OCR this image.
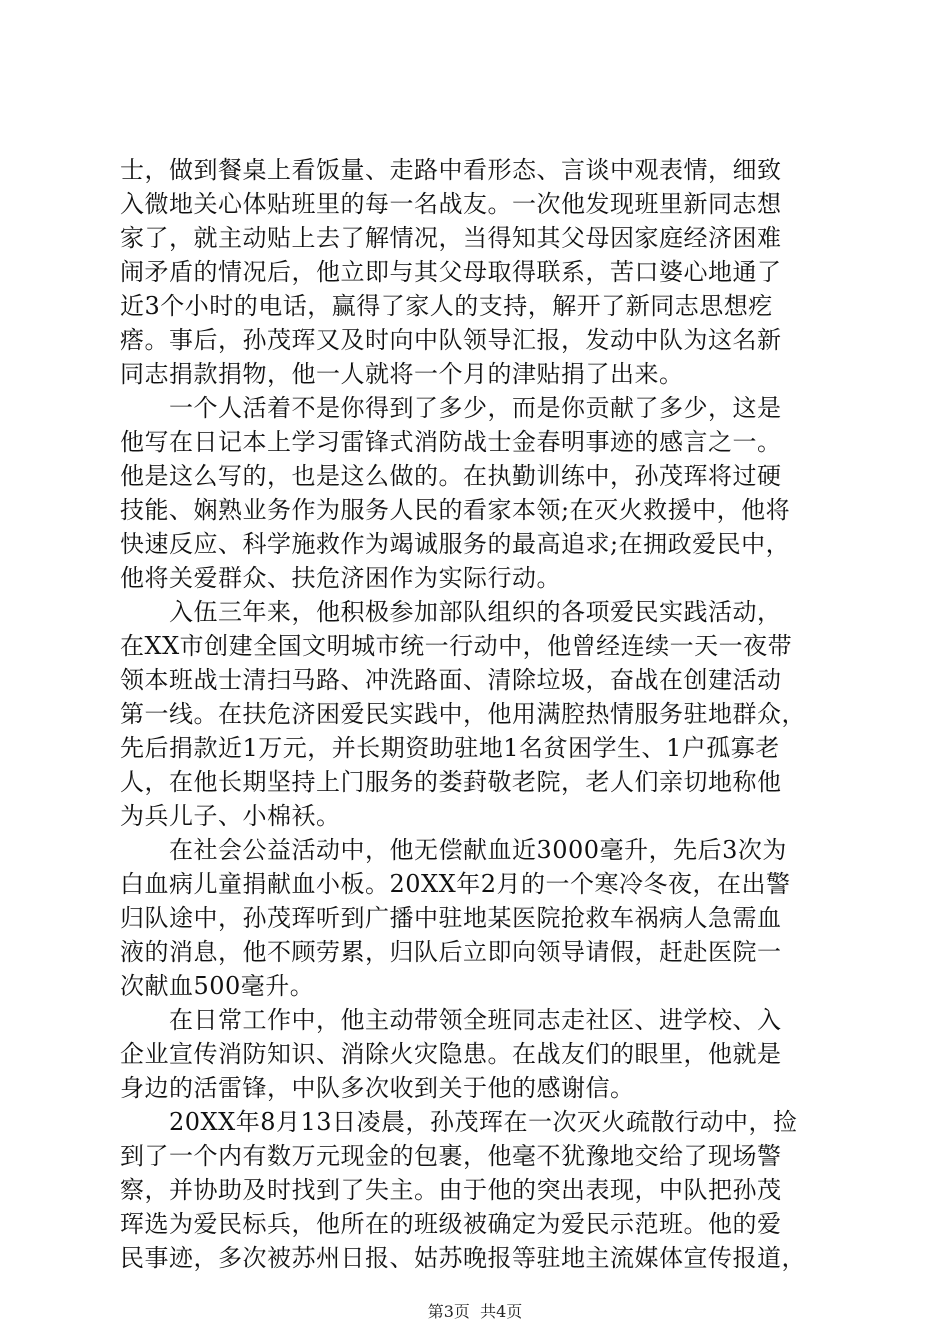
士，做到餐桌上看饭量、走路中看形态、言谈中观表情，细致
入微地关心体贴班里的每一名战友。一次他发现班里新同志想
家了，就主动贴上去了解情况，当得知其父母因家庭经济困难
闹矛盾的情况后，他立即与其父母取得联系，苦口婆心地通了
近3个小时的电话，赢得了家人的支持，解开了新同志思想疙
瘩。事后，孙茂珲又及时向中队领导汇报，发动中队为这名新
同志捐款捐物，他一人就将一个月的津贴捐了出来。
　　一个人活着不是你得到了多少，而是你贡献了多少，这是
他写在日记本上学习雷锋式消防战士金春明事迹的感言之一。
他是这么写的，也是这么做的。在执勤训练中，孙茂珲将过硬
技能、娴熟业务作为服务人民的看家本领;在灭火救援中，他将
快速反应、科学施救作为竭诚服务的最高追求;在拥政爱民中，
他将关爱群众、扶危济困作为实际行动。
　　入伍三年来，他积极参加部队组织的各项爱民实践活动，
在XX市创建全国文明城市统一行动中，他曾经连续一天一夜带
领本班战士清扫马路、冲洗路面、清除垃圾，奋战在创建活动
第一线。在扶危济困爱民实践中，他用满腔热情服务驻地群众，
先后捐款近1万元，并长期资助驻地1名贫困学生、1户孤寡老
人，在他长期坚持上门服务的娄葑敬老院，老人们亲切地称他
为兵儿子、小棉袄。
　　在社会公益活动中，他无偿献血近3000毫升，先后3次为
白血病儿童捐献血小板。20XX年2月的一个寒冷冬夜，在出警
归队途中，孙茂珲听到广播中驻地某医院抢救车祸病人急需血
液的消息，他不顾劳累，归队后立即向领导请假，赶赴医院一
次献血500毫升。
　　在日常工作中，他主动带领全班同志走社区、进学校、入
企业宣传消防知识、消除火灾隐患。在战友们的眼里，他就是
身边的活雷锋，中队多次收到关于他的感谢信。
　　20XX年8月13日凌晨，孙茂珲在一次灭火疏散行动中，捡
到了一个内有数万元现金的包裹，他毫不犹豫地交给了现场警
察，并协助及时找到了失主。由于他的突出表现，中队把孙茂
珲选为爱民标兵，他所在的班级被确定为爱民示范班。他的爱
民事迹，多次被苏州日报、姑苏晚报等驻地主流媒体宣传报道，
第3页  共4页
